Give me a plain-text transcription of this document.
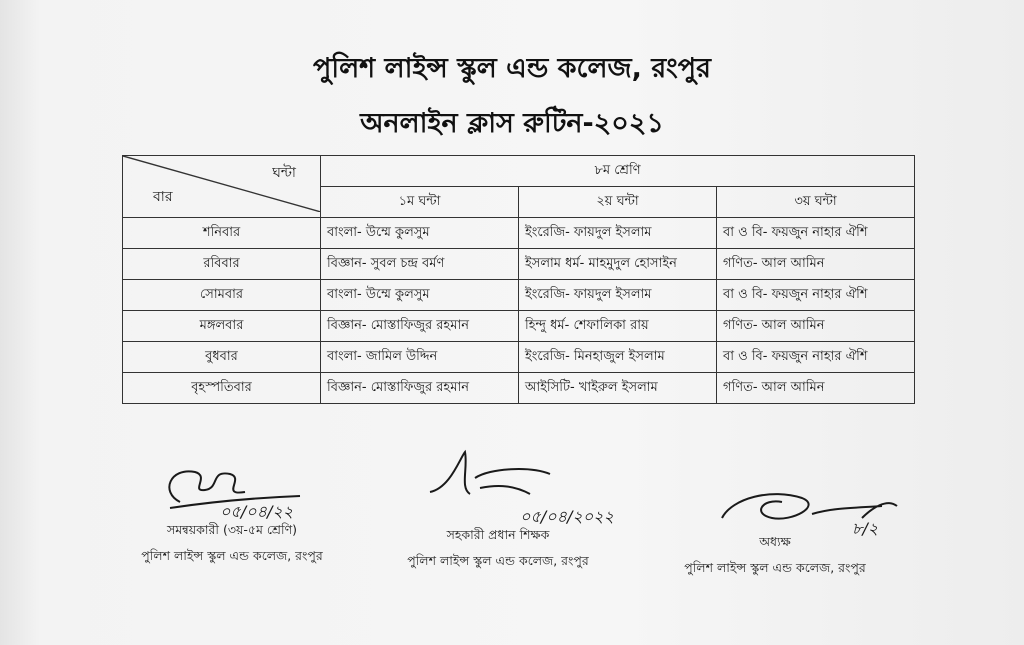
পুলিশ লাইন্স স্কুল এন্ড কলেজ, রংপুর
অনলাইন ক্লাস রুটিন-২০২১
ঘন্টা
বার	৮ম শ্রেণি		
	১ম ঘন্টা	২য় ঘন্টা	৩য় ঘন্টা
শনিবার	বাংলা- উম্মে কুলসুম	ইংরেজি- ফায়দুল ইসলাম	বা ও বি- ফয়জুন নাহার ঐশি
রবিবার	বিজ্ঞান- সুবল চন্দ্র বর্মণ	ইসলাম ধর্ম- মাহমুদুল হোসাইন	গণিত- আল আমিন
সোমবার	বাংলা- উম্মে কুলসুম	ইংরেজি- ফায়দুল ইসলাম	বা ও বি- ফয়জুন নাহার ঐশি
মঙ্গলবার	বিজ্ঞান- মোস্তাফিজুর রহমান	হিন্দু ধর্ম- শেফালিকা রায়	গণিত- আল আমিন
বুধবার	বাংলা- জামিল উদ্দিন	ইংরেজি- মিনহাজুল ইসলাম	বা ও বি- ফয়জুন নাহার ঐশি
বৃহস্পতিবার	বিজ্ঞান- মোস্তাফিজুর রহমান	আইসিটি- খাইরুল ইসলাম	গণিত- আল আমিন
০৫/০৪/২২
সমন্বয়কারী (৩য়-৫ম শ্রেণি)
পুলিশ লাইন্স স্কুল এন্ড কলেজ, রংপুর
০৫/০৪/২০২২
সহকারী প্রধান শিক্ষক
পুলিশ লাইন্স স্কুল এন্ড কলেজ, রংপুর
৮/২
অধ্যক্ষ
পুলিশ লাইন্স স্কুল এন্ড কলেজ, রংপুর
